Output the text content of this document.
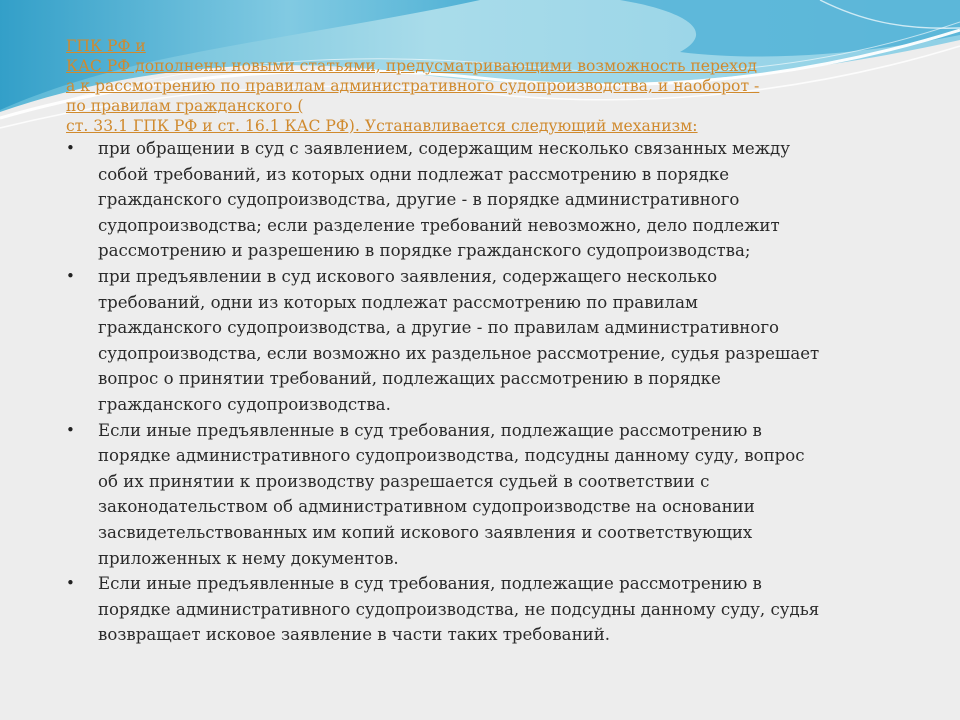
ГПК РФ и
КАС РФ дополнены новыми статьями, предусматривающими возможность переход
а к рассмотрению по правилам административного судопроизводства, и наоборот -
по правилам гражданского (
ст. 33.1 ГПК РФ и ст. 16.1 КАС РФ). Устанавливается следующий механизм:
• при обращении в суд с заявлением, содержащим несколько связанных между
собой требований, из которых одни подлежат рассмотрению в порядке
гражданского судопроизводства, другие - в порядке административного
судопроизводства; если разделение требований невозможно, дело подлежит
рассмотрению и разрешению в порядке гражданского судопроизводства;
• при предъявлении в суд искового заявления, содержащего несколько
требований, одни из которых подлежат рассмотрению по правилам
гражданского судопроизводства, а другие - по правилам административного
судопроизводства, если возможно их раздельное рассмотрение, судья разрешает
вопрос о принятии требований, подлежащих рассмотрению в порядке
гражданского судопроизводства.
• Если иные предъявленные в суд требования, подлежащие рассмотрению в
порядке административного судопроизводства, подсудны данному суду, вопрос
об их принятии к производству разрешается судьей в соответствии с
законодательством об административном судопроизводстве на основании
засвидетельствованных им копий искового заявления и соответствующих
приложенных к нему документов.
• Если иные предъявленные в суд требования, подлежащие рассмотрению в
порядке административного судопроизводства, не подсудны данному суду, судья
возвращает исковое заявление в части таких требований.
